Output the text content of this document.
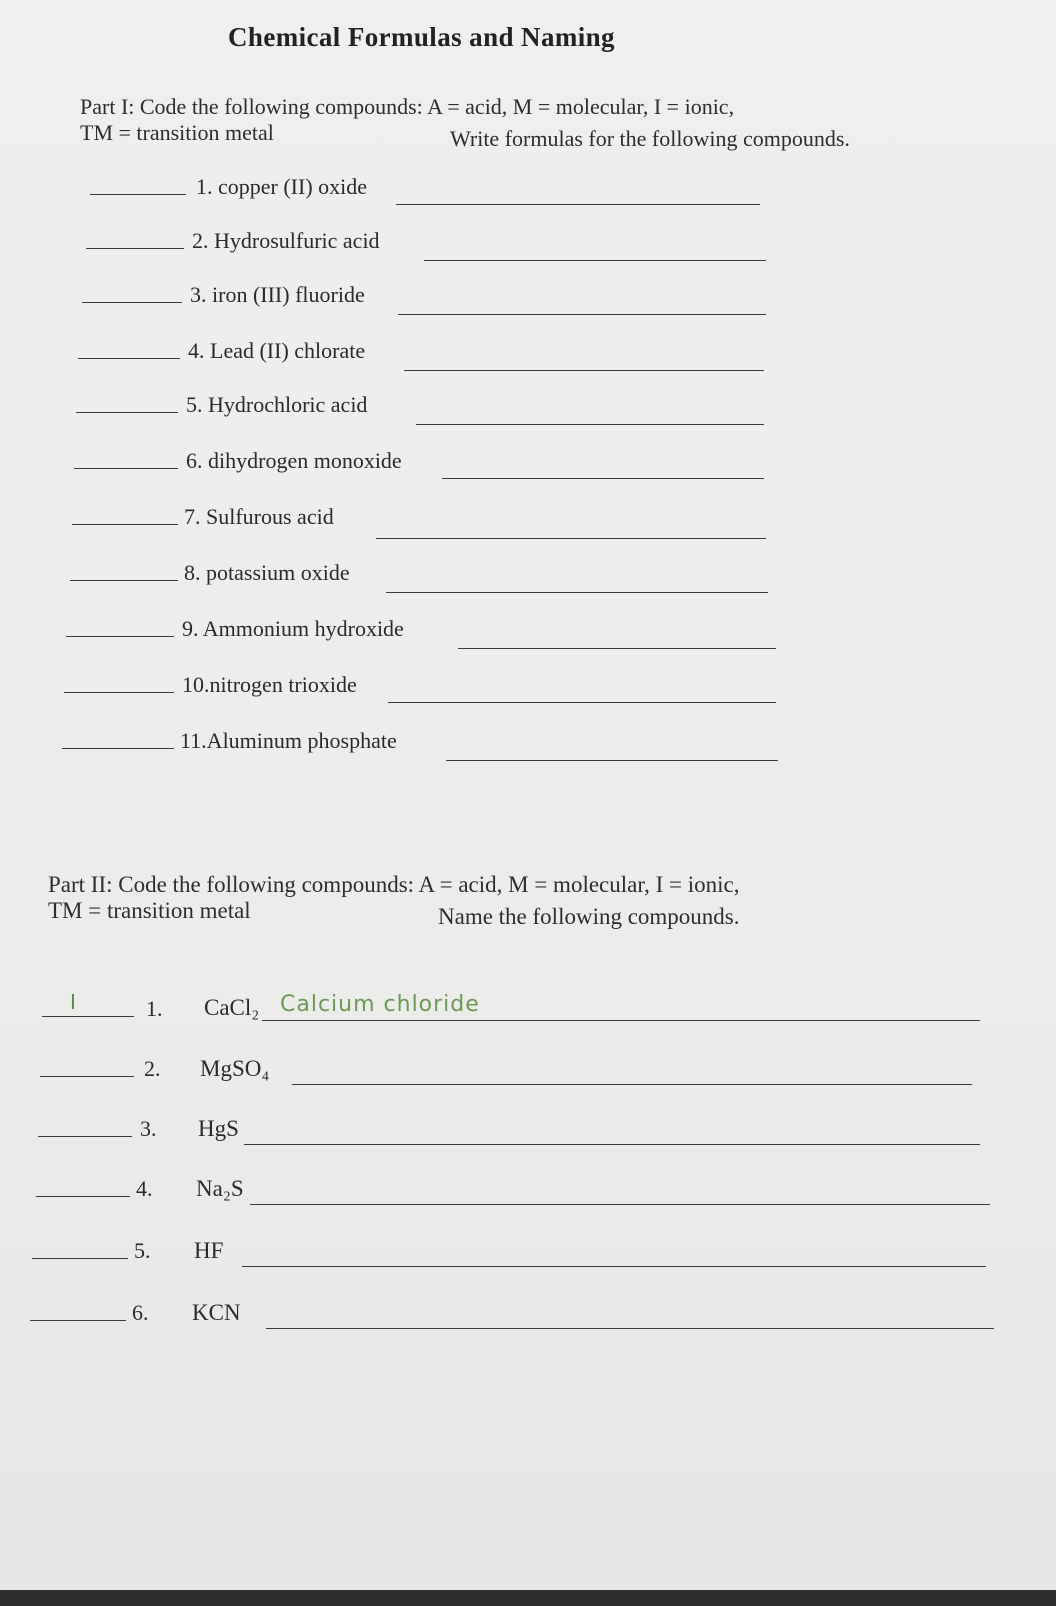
Chemical Formulas and Naming
Part I: Code the following compounds: A = acid, M = molecular, I = ionic,
TM = transition metal	Write formulas for the following compounds.
1. copper (II) oxide
2. Hydrosulfuric acid
3. iron (III) fluoride
4. Lead (II) chlorate
5. Hydrochloric acid
6. dihydrogen monoxide
7. Sulfurous acid
8. potassium oxide
9. Ammonium hydroxide
10.nitrogen trioxide
11.Aluminum phosphate
Part II: Code the following compounds: A = acid, M = molecular, I = ionic,
TM = transition metal	Name the following compounds.
I	1. CaCl₂ Calcium chloride
2. MgSO₄
3. HgS
4. Na₂S
5. HF
6. KCN
